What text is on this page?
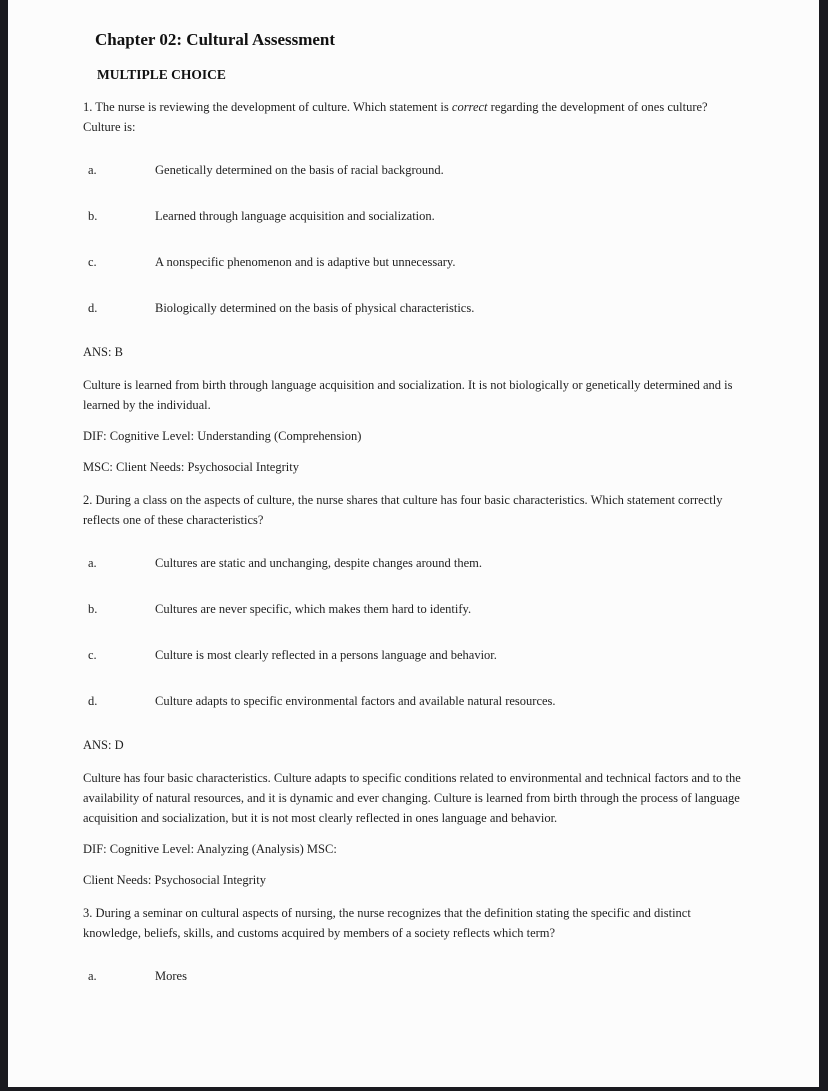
Chapter 02: Cultural Assessment
MULTIPLE CHOICE

1. The nurse is reviewing the development of culture. Which statement is correct regarding the development of ones culture? Culture is:

a.	Genetically determined on the basis of racial background.
b.	Learned through language acquisition and socialization.
c.	A nonspecific phenomenon and is adaptive but unnecessary.
d.	Biologically determined on the basis of physical characteristics.

ANS: B

Culture is learned from birth through language acquisition and socialization. It is not biologically or genetically determined and is learned by the individual.

DIF: Cognitive Level: Understanding (Comprehension)

MSC: Client Needs: Psychosocial Integrity

2. During a class on the aspects of culture, the nurse shares that culture has four basic characteristics. Which statement correctly reflects one of these characteristics?

a.	Cultures are static and unchanging, despite changes around them.
b.	Cultures are never specific, which makes them hard to identify.
c.	Culture is most clearly reflected in a persons language and behavior.
d.	Culture adapts to specific environmental factors and available natural resources.

ANS: D

Culture has four basic characteristics. Culture adapts to specific conditions related to environmental and technical factors and to the availability of natural resources, and it is dynamic and ever changing. Culture is learned from birth through the process of language acquisition and socialization, but it is not most clearly reflected in ones language and behavior.

DIF: Cognitive Level: Analyzing (Analysis) MSC:

Client Needs: Psychosocial Integrity

3. During a seminar on cultural aspects of nursing, the nurse recognizes that the definition stating the specific and distinct knowledge, beliefs, skills, and customs acquired by members of a society reflects which term?

a.	Mores
